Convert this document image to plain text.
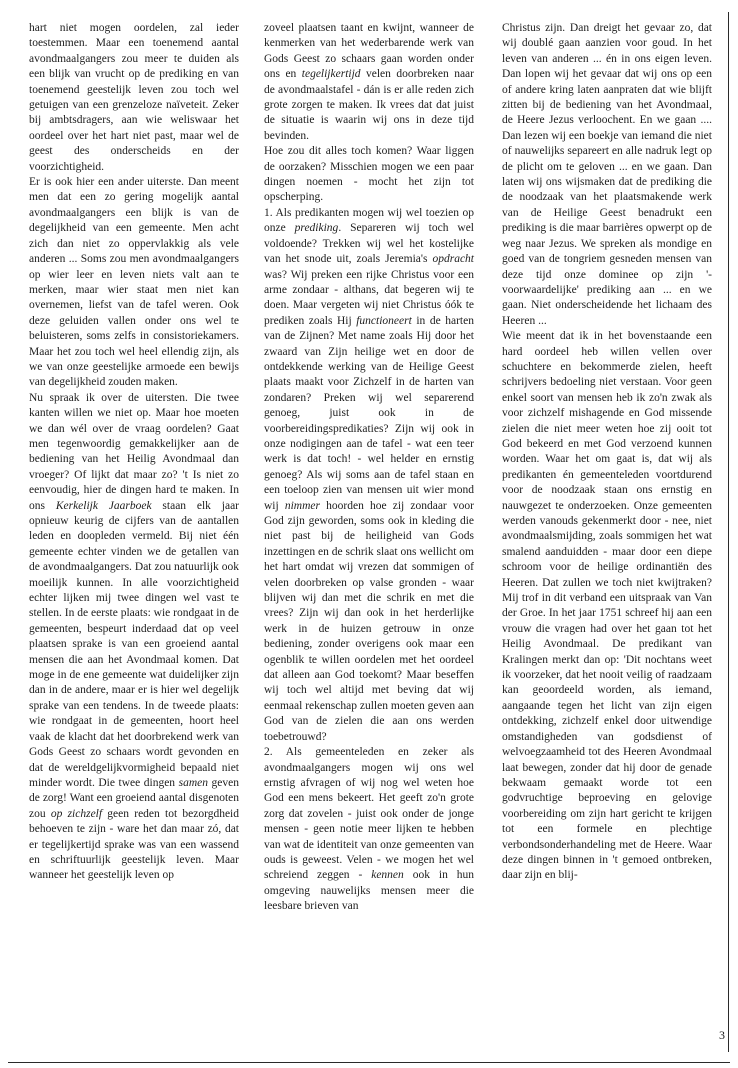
hart niet mogen oordelen, zal ieder toestemmen. Maar een toenemend aantal avondmaalgangers zou meer te duiden als een blijk van vrucht op de prediking en van toenemend geestelijk leven zou toch wel getuigen van een grenzeloze naïveteit. Zeker bij ambtsdragers, aan wie weliswaar het oordeel over het hart niet past, maar wel de geest des onderscheids en der voorzichtigheid.

Er is ook hier een ander uiterste. Dan meent men dat een zo gering mogelijk aantal avondmaalgangers een blijk is van de degelijkheid van een gemeente. Men acht zich dan niet zo oppervlakkig als vele anderen ... Soms zou men avondmaalgangers op wier leer en leven niets valt aan te merken, maar wier staat men niet kan overnemen, liefst van de tafel weren. Ook deze geluiden vallen onder ons wel te beluisteren, soms zelfs in consistoriekamers. Maar het zou toch wel heel ellendig zijn, als we van onze geestelijke armoede een bewijs van degelijkheid zouden maken.

Nu spraak ik over de uitersten. Die twee kanten willen we niet op. Maar hoe moeten we dan wél over de vraag oordelen? Gaat men tegenwoordig gemakkelijker aan de bediening van het Heilig Avondmaal dan vroeger? Of lijkt dat maar zo? 't Is niet zo eenvoudig, hier de dingen hard te maken. In ons Kerkelijk Jaarboek staan elk jaar opnieuw keurig de cijfers van de aantallen leden en doopleden vermeld. Bij niet één gemeente echter vinden we de getallen van de avondmaalgangers. Dat zou natuurlijk ook moeilijk kunnen. In alle voorzichtigheid echter lijken mij twee dingen wel vast te stellen. In de eerste plaats: wie rondgaat in de gemeenten, bespeurt inderdaad dat op veel plaatsen sprake is van een groeiend aantal mensen die aan het Avondmaal komen. Dat moge in de ene gemeente wat duidelijker zijn dan in de andere, maar er is hier wel degelijk sprake van een tendens. In de tweede plaats: wie rondgaat in de gemeenten, hoort heel vaak de klacht dat het doorbrekend werk van Gods Geest zo schaars wordt gevonden en dat de wereldgelijkvormigheid bepaald niet minder wordt. Die twee dingen samen geven de zorg! Want een groeiend aantal disgenoten zou op zichzelf geen reden tot bezorgdheid behoeven te zijn - ware het dan maar zó, dat er tegelijkertijd sprake was van een wassend en schriftuurlijk geestelijk leven. Maar wanneer het geestelijk leven op

zoveel plaatsen taant en kwijnt, wanneer de kenmerken van het wederbarende werk van Gods Geest zo schaars gaan worden onder ons en tegelijkertijd velen doorbreken naar de avondmaalstafel - dán is er alle reden zich grote zorgen te maken. Ik vrees dat dat juist de situatie is waarin wij ons in deze tijd bevinden.

Hoe zou dit alles toch komen? Waar liggen de oorzaken? Misschien mogen we een paar dingen noemen - mocht het zijn tot opscherping.

1. Als predikanten mogen wij wel toezien op onze prediking. Separeren wij toch wel voldoende? Trekken wij wel het kostelijke van het snode uit, zoals Jeremia's opdracht was? Wij preken een rijke Christus voor een arme zondaar - althans, dat begeren wij te doen. Maar vergeten wij niet Christus óók te prediken zoals Hij functioneert in de harten van de Zijnen? Met name zoals Hij door het zwaard van Zijn heilige wet en door de ontdekkende werking van de Heilige Geest plaats maakt voor Zichzelf in de harten van zondaren? Preken wij wel separerend genoeg, juist ook in de voorbereidingspredikaties? Zijn wij ook in onze nodigingen aan de tafel - wat een teer werk is dat toch! - wel helder en ernstig genoeg? Als wij soms aan de tafel staan en een toeloop zien van mensen uit wier mond wij nimmer hoorden hoe zij zondaar voor God zijn geworden, soms ook in kleding die niet past bij de heiligheid van Gods inzettingen en de schrik slaat ons wellicht om het hart omdat wij vrezen dat sommigen of velen doorbreken op valse gronden - waar blijven wij dan met die schrik en met die vrees? Zijn wij dan ook in het herderlijke werk in de huizen getrouw in onze bediening, zonder overigens ook maar een ogenblik te willen oordelen met het oordeel dat alleen aan God toekomt? Maar beseffen wij toch wel altijd met beving dat wij eenmaal rekenschap zullen moeten geven aan God van de zielen die aan ons werden toebetrouwd?

2. Als gemeenteleden en zeker als avondmaalgangers mogen wij ons wel ernstig afvragen of wij nog wel weten hoe God een mens bekeert. Het geeft zo'n grote zorg dat zovelen - juist ook onder de jonge mensen - geen notie meer lijken te hebben van wat de identiteit van onze gemeenten van ouds is geweest. Velen - we mogen het wel schreiend zeggen - kennen ook in hun omgeving nauwelijks mensen meer die leesbare brieven van

Christus zijn. Dan dreigt het gevaar zo, dat wij doublé gaan aanzien voor goud. In het leven van anderen ... én in ons eigen leven. Dan lopen wij het gevaar dat wij ons op een of andere kring laten aanpraten dat wie blijft zitten bij de bediening van het Avondmaal, de Heere Jezus verloochent. En we gaan .... Dan lezen wij een boekje van iemand die niet of nauwelijks separeert en alle nadruk legt op de plicht om te geloven ... en we gaan. Dan laten wij ons wijsmaken dat de prediking die de noodzaak van het plaatsmakende werk van de Heilige Geest benadrukt een prediking is die maar barrières opwerpt op de weg naar Jezus. We spreken als mondige en goed van de tongriem gesneden mensen van deze tijd onze dominee op zijn '-voorwaardelijke' prediking aan ... en we gaan. Niet onderscheidende het lichaam des Heeren ...

Wie meent dat ik in het bovenstaande een hard oordeel heb willen vellen over schuchtere en bekommerde zielen, heeft schrijvers bedoeling niet verstaan. Voor geen enkel soort van mensen heb ik zo'n zwak als voor zichzelf mishagende en God missende zielen die niet meer weten hoe zij ooit tot God bekeerd en met God verzoend kunnen worden. Waar het om gaat is, dat wij als predikanten én gemeenteleden voortdurend voor de noodzaak staan ons ernstig en nauwgezet te onderzoeken. Onze gemeenten werden vanouds gekenmerkt door - nee, niet avondmaalsmijding, zoals sommigen het wat smalend aanduidden - maar door een diepe schroom voor de heilige ordinantiën des Heeren. Dat zullen we toch niet kwijtraken? Mij trof in dit verband een uitspraak van Van der Groe. In het jaar 1751 schreef hij aan een vrouw die vragen had over het gaan tot het Heilig Avondmaal. De predikant van Kralingen merkt dan op: 'Dit nochtans weet ik voorzeker, dat het nooit veilig of raadzaam kan geoordeeld worden, als iemand, aangaande tegen het licht van zijn eigen ontdekking, zichzelf enkel door uitwendige omstandigheden van godsdienst of welvoegzaamheid tot des Heeren Avondmaal laat bewegen, zonder dat hij door de genade bekwaam gemaakt worde tot een godvruchtige beproeving en gelovige voorbereiding om zijn hart gericht te krijgen tot een formele en plechtige verbondsonderhandeling met de Heere. Waar deze dingen binnen in 't gemoed ontbreken, daar zijn en blij-

3
